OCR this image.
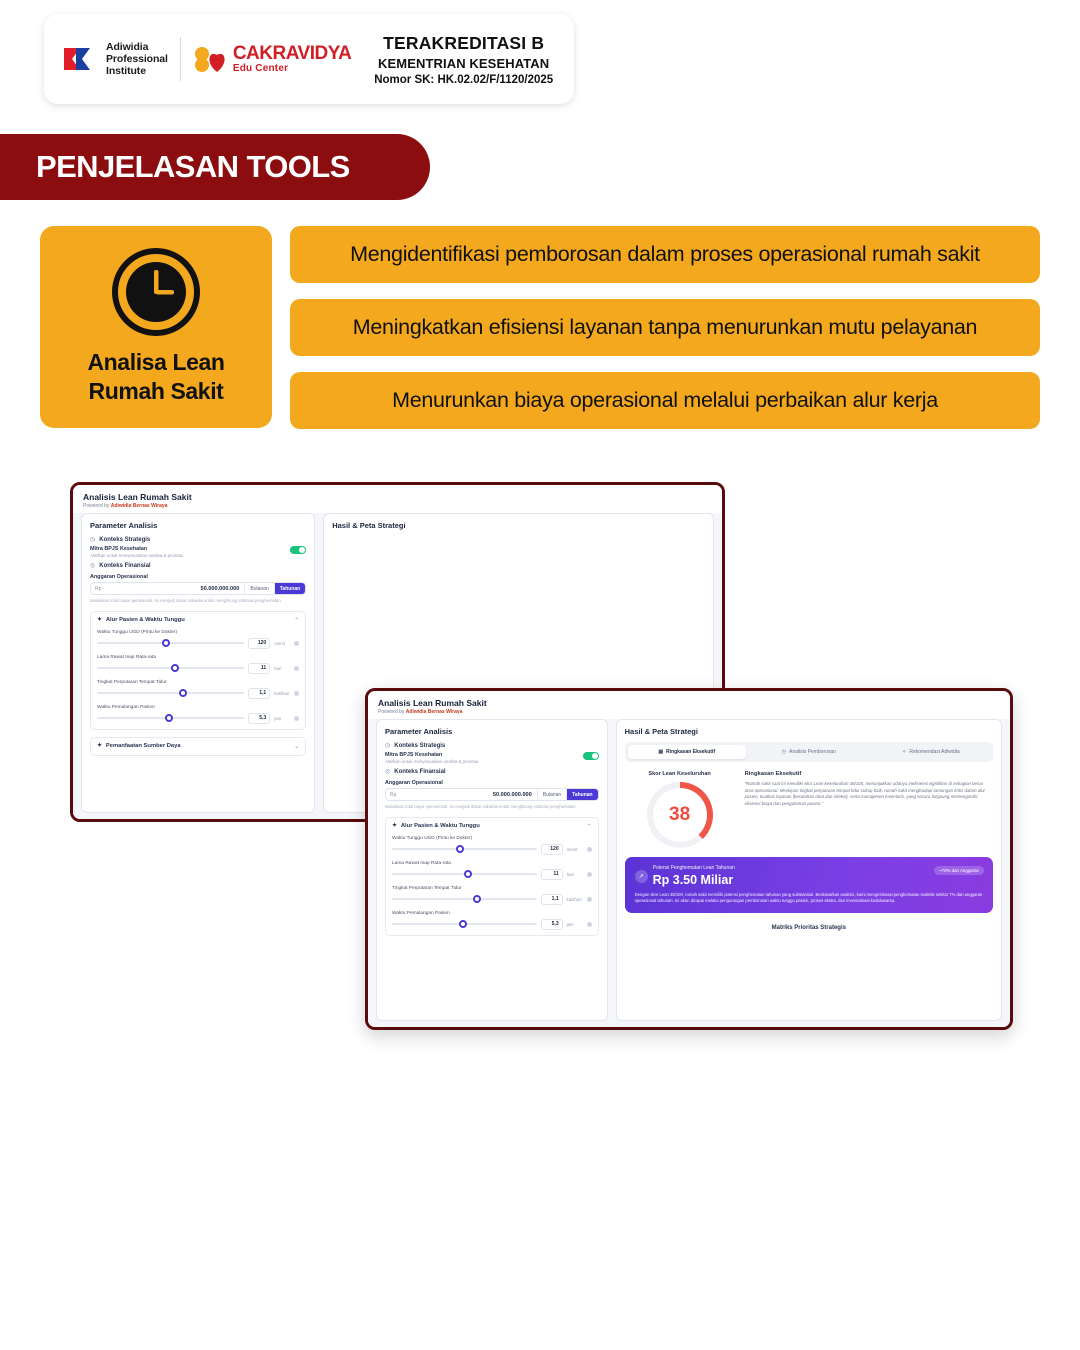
Adiwidia
Professional
Institute
CAKRAVIDYA
Edu Center
TERAKREDITASI B
KEMENTRIAN KESEHATAN
Nomor SK: HK.02.02/F/1120/2025
PENJELASAN TOOLS
Analisa Lean
Rumah Sakit
Mengidentifikasi pemborosan dalam proses operasional rumah sakit
Meningkatkan efisiensi layanan tanpa menurunkan mutu pelayanan
Menurunkan biaya operasional melalui perbaikan alur kerja
Analisis Lean Rumah Sakit
Powered by Adiwidia Bernas Wiraya
Parameter Analisis
◷ Konteks Strategis
Mitra BPJS Kesehatan
Aktifkan untuk menyesuaikan analisa & prioritas.
◎ Konteks Finansial
Anggaran Operasional
Rp	50.000.000.000	Bulanan	Tahunan
Masukkan total biaya operasional. Ini menjadi dasar Adiwidia untuk menghitung estimasi penghematan.
✦ Alur Pasien & Waktu Tunggu	⌃
Waktu Tunggu UGD (Pintu ke Dokter)
120	menit
Lama Rawat Inap Rata-rata
11	hari
Tingkat Perputaran Tempat Tidur
1,1	kali/hari
Waktu Pemulangan Pasien
5,3	jam
✦ Pemanfaatan Sumber Daya	⌄
Hasil & Peta Strategi
Analisis Lean Rumah Sakit
Powered by Adiwidia Bernas Wiraya
Parameter Analisis
◷ Konteks Strategis
Mitra BPJS Kesehatan
Aktifkan untuk menyesuaikan analisa & prioritas.
◎ Konteks Finansial
Anggaran Operasional
Rp	50.000.000.000	Bulanan	Tahunan
Masukkan total biaya operasional. Ini menjadi dasar Adiwidia untuk menghitung estimasi penghematan.
✦ Alur Pasien & Waktu Tunggu	⌃
Waktu Tunggu UGD (Pintu ke Dokter)
120	menit
Lama Rawat Inap Rata-rata
11	hari
Tingkat Perputaran Tempat Tidur
1,1	kali/hari
Waktu Pemulangan Pasien
5,3	jam
Hasil & Peta Strategi
▤ Ringkasan Eksekutif	◷ Analisis Pemborosan	✧ Rekomendasi Adiwidia
Skor Lean Keseluruhan
38
Ringkasan Eksekutif
"Rumah sakit saat ini memiliki skor Lean keseluruhan 38/100, menunjukkan adanya inefisiensi signifikan di sebagian besar area operasional. Meskipun tingkat perputaran tempat tidur cukup baik, rumah sakit menghadapi tantangan kritis dalam alur pasien, kualitas layanan (kesalahan obat dan infeksi), serta manajemen inventaris, yang secara langsung memengaruhi efisiensi biaya dan pengalaman pasien."
~70% dari Anggaran
↗
Potensi Penghematan Lean Tahunan
Rp 3.50 Miliar
Dengan skor Lean 38/100, rumah sakit memiliki potensi penghematan tahunan yang substansial. Berdasarkan analisis, kami mengestimasi penghematan realistis sekitar 7% dari anggaran operasional tahunan. Ini akan dicapai melalui pengurangan pemborosan waktu tunggu pasien, proses ekstra, dan inventarisasi kedaluwarsa.
Matriks Prioritas Strategis
